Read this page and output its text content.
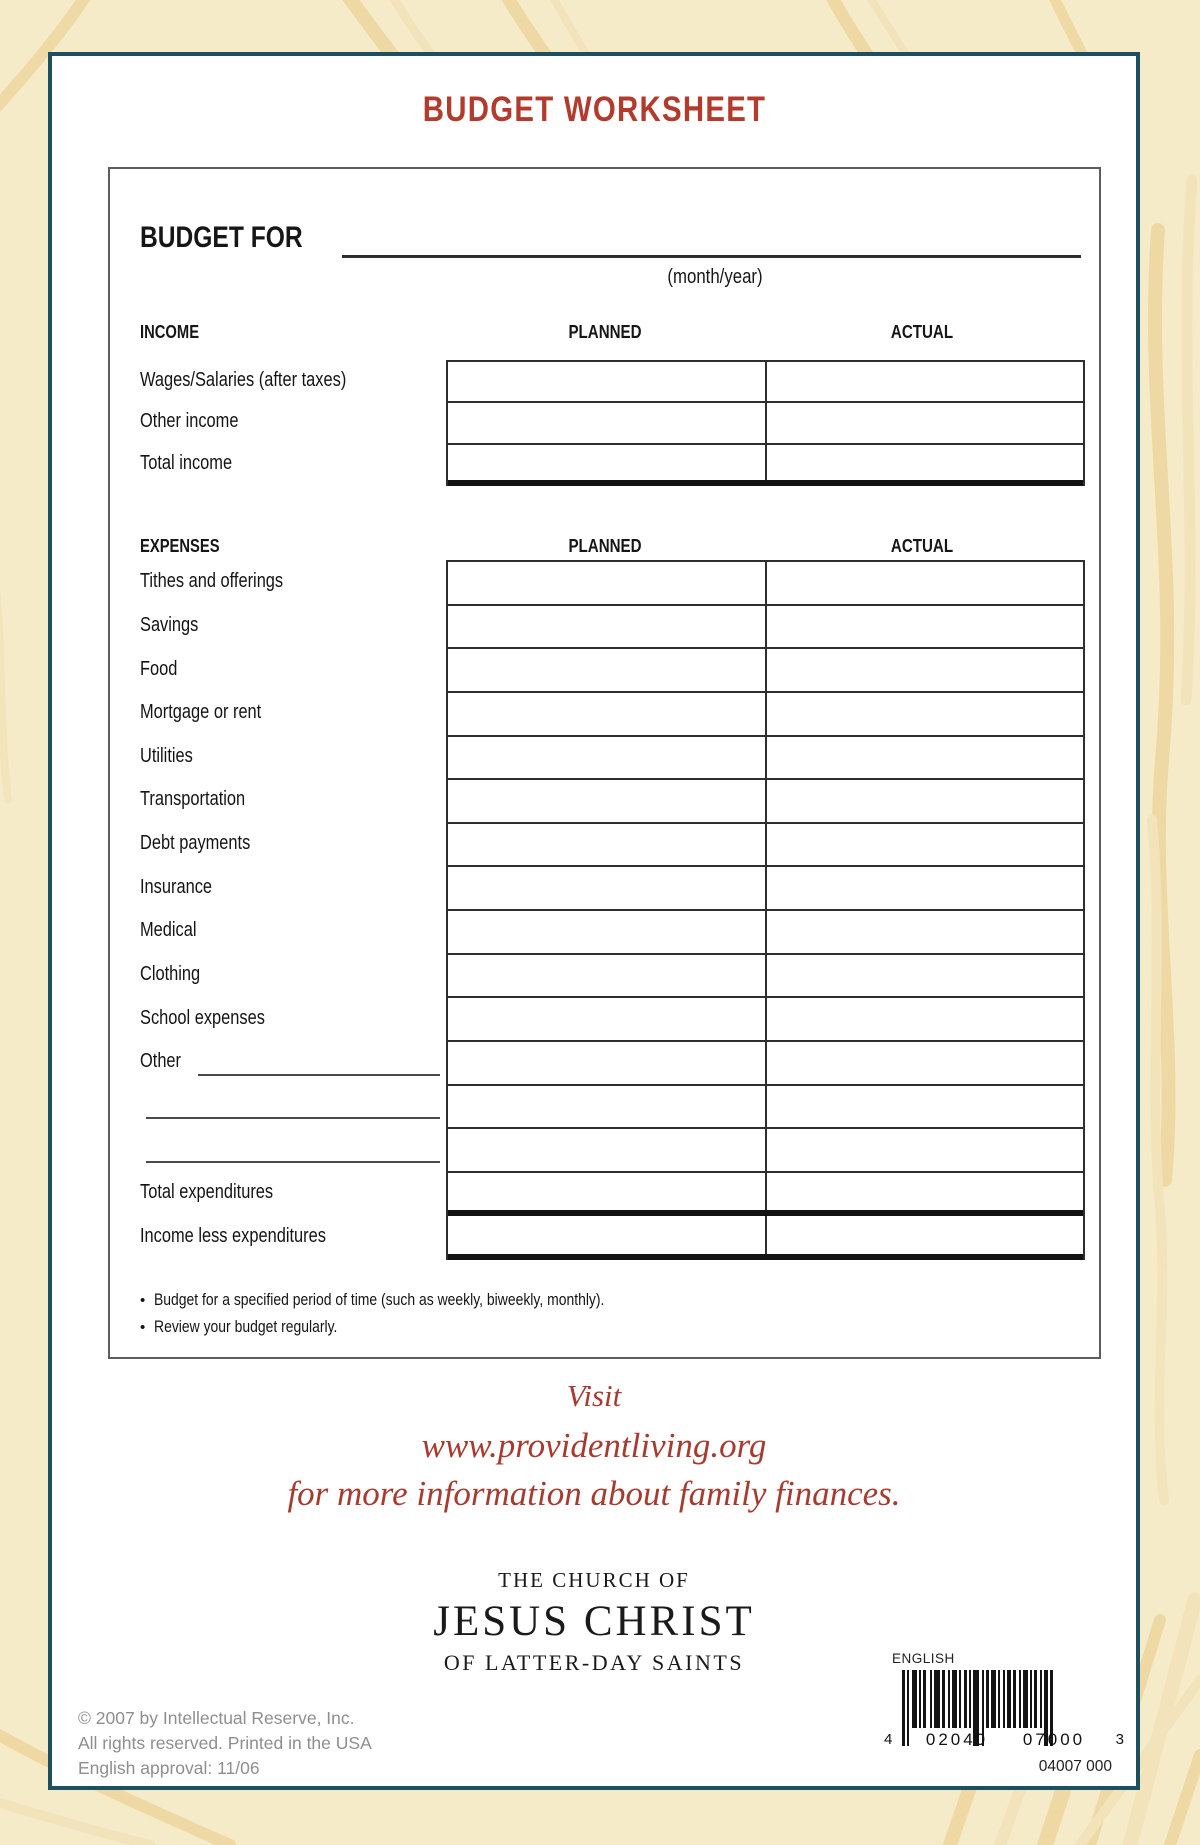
BUDGET WORKSHEET
BUDGET FOR
(month/year)
INCOME	PLANNED	ACTUAL
Wages/Salaries (after taxes)
Other income
Total income
EXPENSES	PLANNED	ACTUAL
Tithes and offerings
Savings
Food
Mortgage or rent
Utilities
Transportation
Debt payments
Insurance
Medical
Clothing
School expenses
Other
Total expenditures
Income less expenditures
• Budget for a specified period of time (such as weekly, biweekly, monthly).
• Review your budget regularly.
Visit
www.providentliving.org
for more information about family finances.
THE CHURCH OF
JESUS CHRIST
OF LATTER-DAY SAINTS	ENGLISH
4 02040 07000 3
04007 000
© 2007 by Intellectual Reserve, Inc.
All rights reserved. Printed in the USA
English approval: 11/06
